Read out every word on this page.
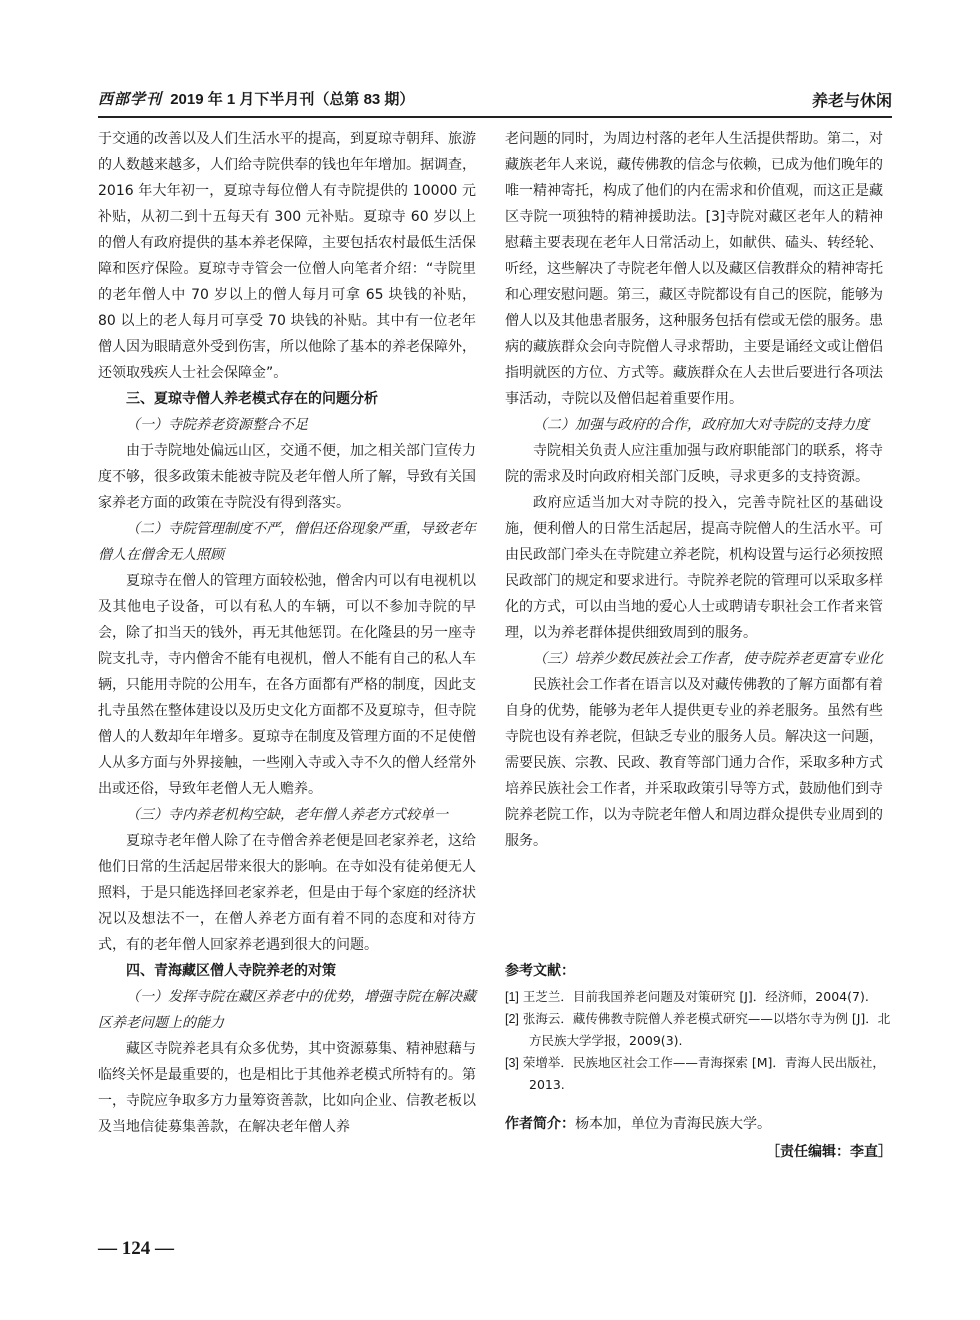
西部学刊 2019 年 1 月下半月刊（总第 83 期）	养老与休闲

于交通的改善以及人们生活水平的提高，到夏琼寺朝拜、旅游的人数越来越多，人们给寺院供奉的钱也年年增加。据调查，2016 年大年初一，夏琼寺每位僧人有寺院提供的 10000 元补贴，从初二到十五每天有 300 元补贴。夏琼寺 60 岁以上的僧人有政府提供的基本养老保障，主要包括农村最低生活保障和医疗保险。夏琼寺寺管会一位僧人向笔者介绍：“寺院里的老年僧人中 70 岁以上的僧人每月可拿 65 块钱的补贴，80 以上的老人每月可享受 70 块钱的补贴。其中有一位老年僧人因为眼睛意外受到伤害，所以他除了基本的养老保障外，还领取残疾人士社会保障金”。

三、夏琼寺僧人养老模式存在的问题分析

（一）寺院养老资源整合不足

由于寺院地处偏远山区，交通不便，加之相关部门宣传力度不够，很多政策未能被寺院及老年僧人所了解，导致有关国家养老方面的政策在寺院没有得到落实。

（二）寺院管理制度不严，僧侣还俗现象严重，导致老年僧人在僧舍无人照顾

夏琼寺在僧人的管理方面较松弛，僧舍内可以有电视机以及其他电子设备，可以有私人的车辆，可以不参加寺院的早会，除了扣当天的钱外，再无其他惩罚。在化隆县的另一座寺院支扎寺，寺内僧舍不能有电视机，僧人不能有自己的私人车辆，只能用寺院的公用车，在各方面都有严格的制度，因此支扎寺虽然在整体建设以及历史文化方面都不及夏琼寺，但寺院僧人的人数却年年增多。夏琼寺在制度及管理方面的不足使僧人从多方面与外界接触，一些刚入寺或入寺不久的僧人经常外出或还俗，导致年老僧人无人赡养。

（三）寺内养老机构空缺，老年僧人养老方式较单一

夏琼寺老年僧人除了在寺僧舍养老便是回老家养老，这给他们日常的生活起居带来很大的影响。在寺如没有徒弟便无人照料，于是只能选择回老家养老，但是由于每个家庭的经济状况以及想法不一，在僧人养老方面有着不同的态度和对待方式，有的老年僧人回家养老遇到很大的问题。

四、青海藏区僧人寺院养老的对策

（一）发挥寺院在藏区养老中的优势，增强寺院在解决藏区养老问题上的能力

藏区寺院养老具有众多优势，其中资源募集、精神慰藉与临终关怀是最重要的，也是相比于其他养老模式所特有的。第一，寺院应争取多方力量筹资善款，比如向企业、信教老板以及当地信徒募集善款，在解决老年僧人养

老问题的同时，为周边村落的老年人生活提供帮助。第二，对藏族老年人来说，藏传佛教的信念与依赖，已成为他们晚年的唯一精神寄托，构成了他们的内在需求和价值观，而这正是藏区寺院一项独特的精神援助法。[3]寺院对藏区老年人的精神慰藉主要表现在老年人日常活动上，如献供、磕头、转经轮、听经，这些解决了寺院老年僧人以及藏区信教群众的精神寄托和心理安慰问题。第三，藏区寺院都设有自己的医院，能够为僧人以及其他患者服务，这种服务包括有偿或无偿的服务。患病的藏族群众会向寺院僧人寻求帮助，主要是诵经文或让僧侣指明就医的方位、方式等。藏族群众在人去世后要进行各项法事活动，寺院以及僧侣起着重要作用。

（二）加强与政府的合作，政府加大对寺院的支持力度

寺院相关负责人应注重加强与政府职能部门的联系，将寺院的需求及时向政府相关部门反映，寻求更多的支持资源。

政府应适当加大对寺院的投入，完善寺院社区的基础设施，便利僧人的日常生活起居，提高寺院僧人的生活水平。可由民政部门牵头在寺院建立养老院，机构设置与运行必须按照民政部门的规定和要求进行。寺院养老院的管理可以采取多样化的方式，可以由当地的爱心人士或聘请专职社会工作者来管理，以为养老群体提供细致周到的服务。

（三）培养少数民族社会工作者，使寺院养老更富专业化

民族社会工作者在语言以及对藏传佛教的了解方面都有着自身的优势，能够为老年人提供更专业的养老服务。虽然有些寺院也设有养老院，但缺乏专业的服务人员。解决这一问题，需要民族、宗教、民政、教育等部门通力合作，采取多种方式培养民族社会工作者，并采取政策引导等方式，鼓励他们到寺院养老院工作，以为寺院老年僧人和周边群众提供专业周到的服务。

参考文献：

[1] 王芝兰．目前我国养老问题及对策研究 [J]．经济师，2004(7).

[2] 张海云．藏传佛教寺院僧人养老模式研究——以塔尔寺为例 [J]．北方民族大学学报，2009(3).

[3] 荣增举．民族地区社会工作——青海探索 [M]．青海人民出版社，2013.

作者简介：杨本加，单位为青海民族大学。
［责任编辑：李直］
— 124 —
